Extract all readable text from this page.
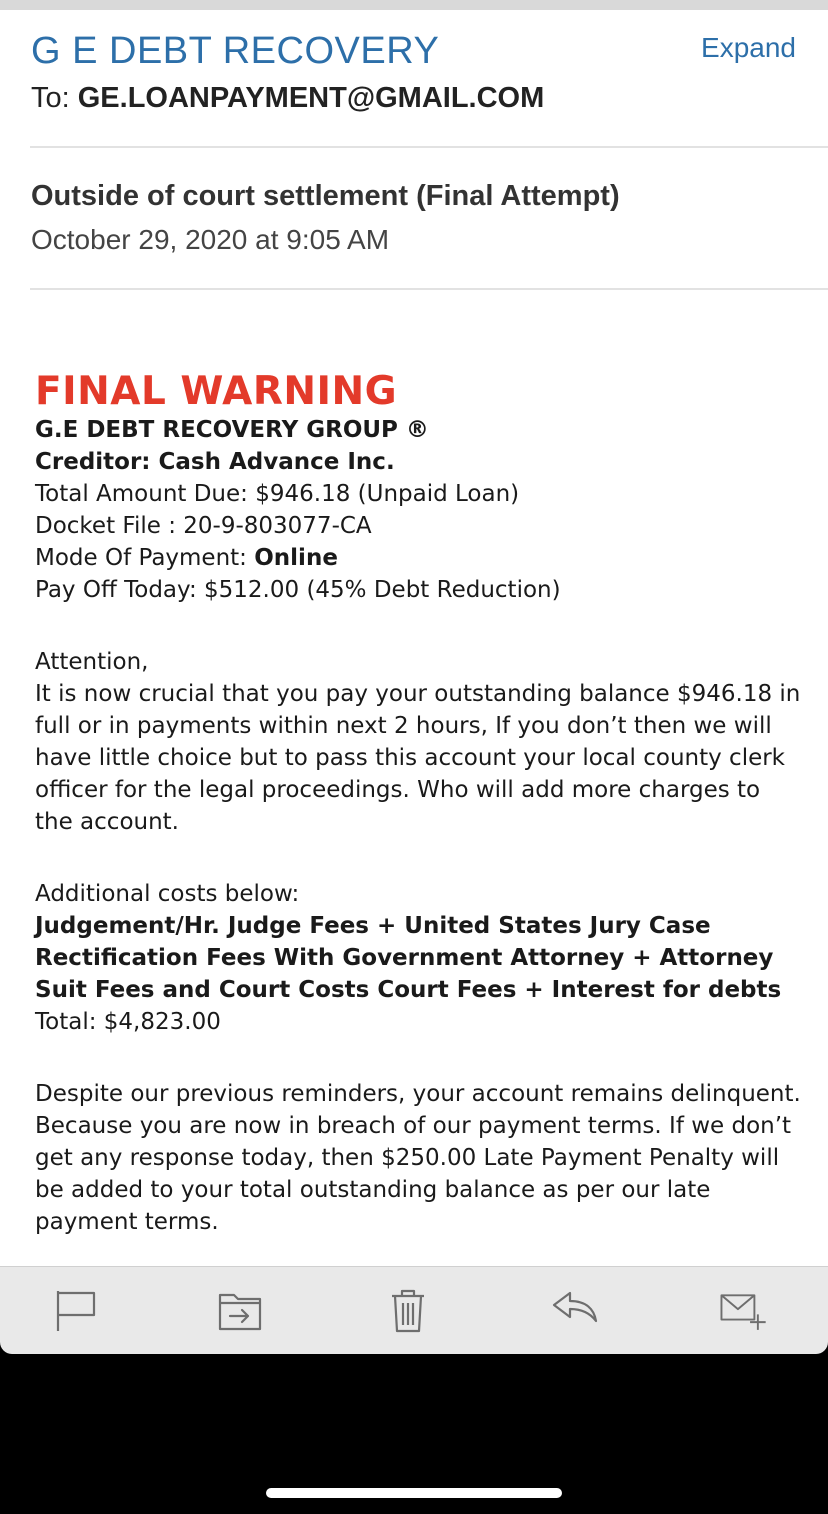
G E DEBT RECOVERY	Expand
To: GE.LOANPAYMENT@GMAIL.COM
Outside of court settlement (Final Attempt)
October 29, 2020 at 9:05 AM
FINAL WARNING
G.E DEBT RECOVERY GROUP ®
Creditor: Cash Advance Inc.
Total Amount Due: $946.18 (Unpaid Loan)
Docket File : 20-9-803077-CA
Mode Of Payment: Online
Pay Off Today: $512.00 (45% Debt Reduction)
Attention,
It is now crucial that you pay your outstanding balance $946.18 in full or in payments within next 2 hours, If you don’t then we will have little choice but to pass this account your local county clerk officer for the legal proceedings. Who will add more charges to the account.
Additional costs below:
Judgement/Hr. Judge Fees + United States Jury Case Rectification Fees With Government Attorney + Attorney Suit Fees and Court Costs Court Fees + Interest for debts
Total: $4,823.00
Despite our previous reminders, your account remains delinquent. Because you are now in breach of our payment terms. If we don’t get any response today, then $250.00 Late Payment Penalty will be added to your total outstanding balance as per our late payment terms.
